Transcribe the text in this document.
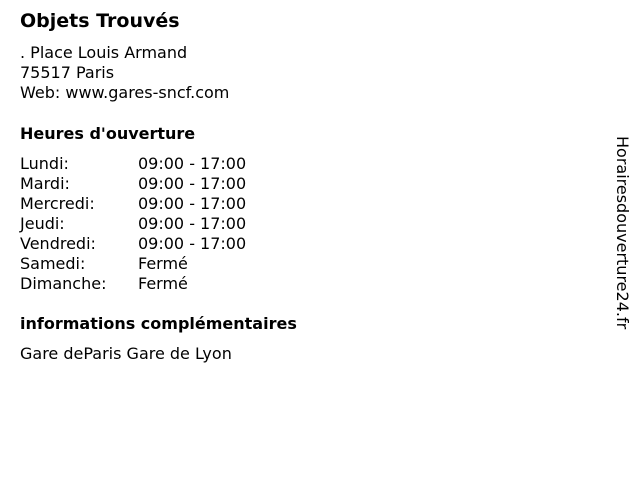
Objets Trouvés
. Place Louis Armand
75517 Paris
Web: www.gares-sncf.com
Heures d'ouverture
Lundi:	09:00 - 17:00
Mardi:	09:00 - 17:00
Mercredi:	09:00 - 17:00
Jeudi:	09:00 - 17:00
Vendredi:	09:00 - 17:00
Samedi:	Fermé
Dimanche: Fermé
informations complémentaires
Gare deParis Gare de Lyon
Horairesdouverture24.fr
